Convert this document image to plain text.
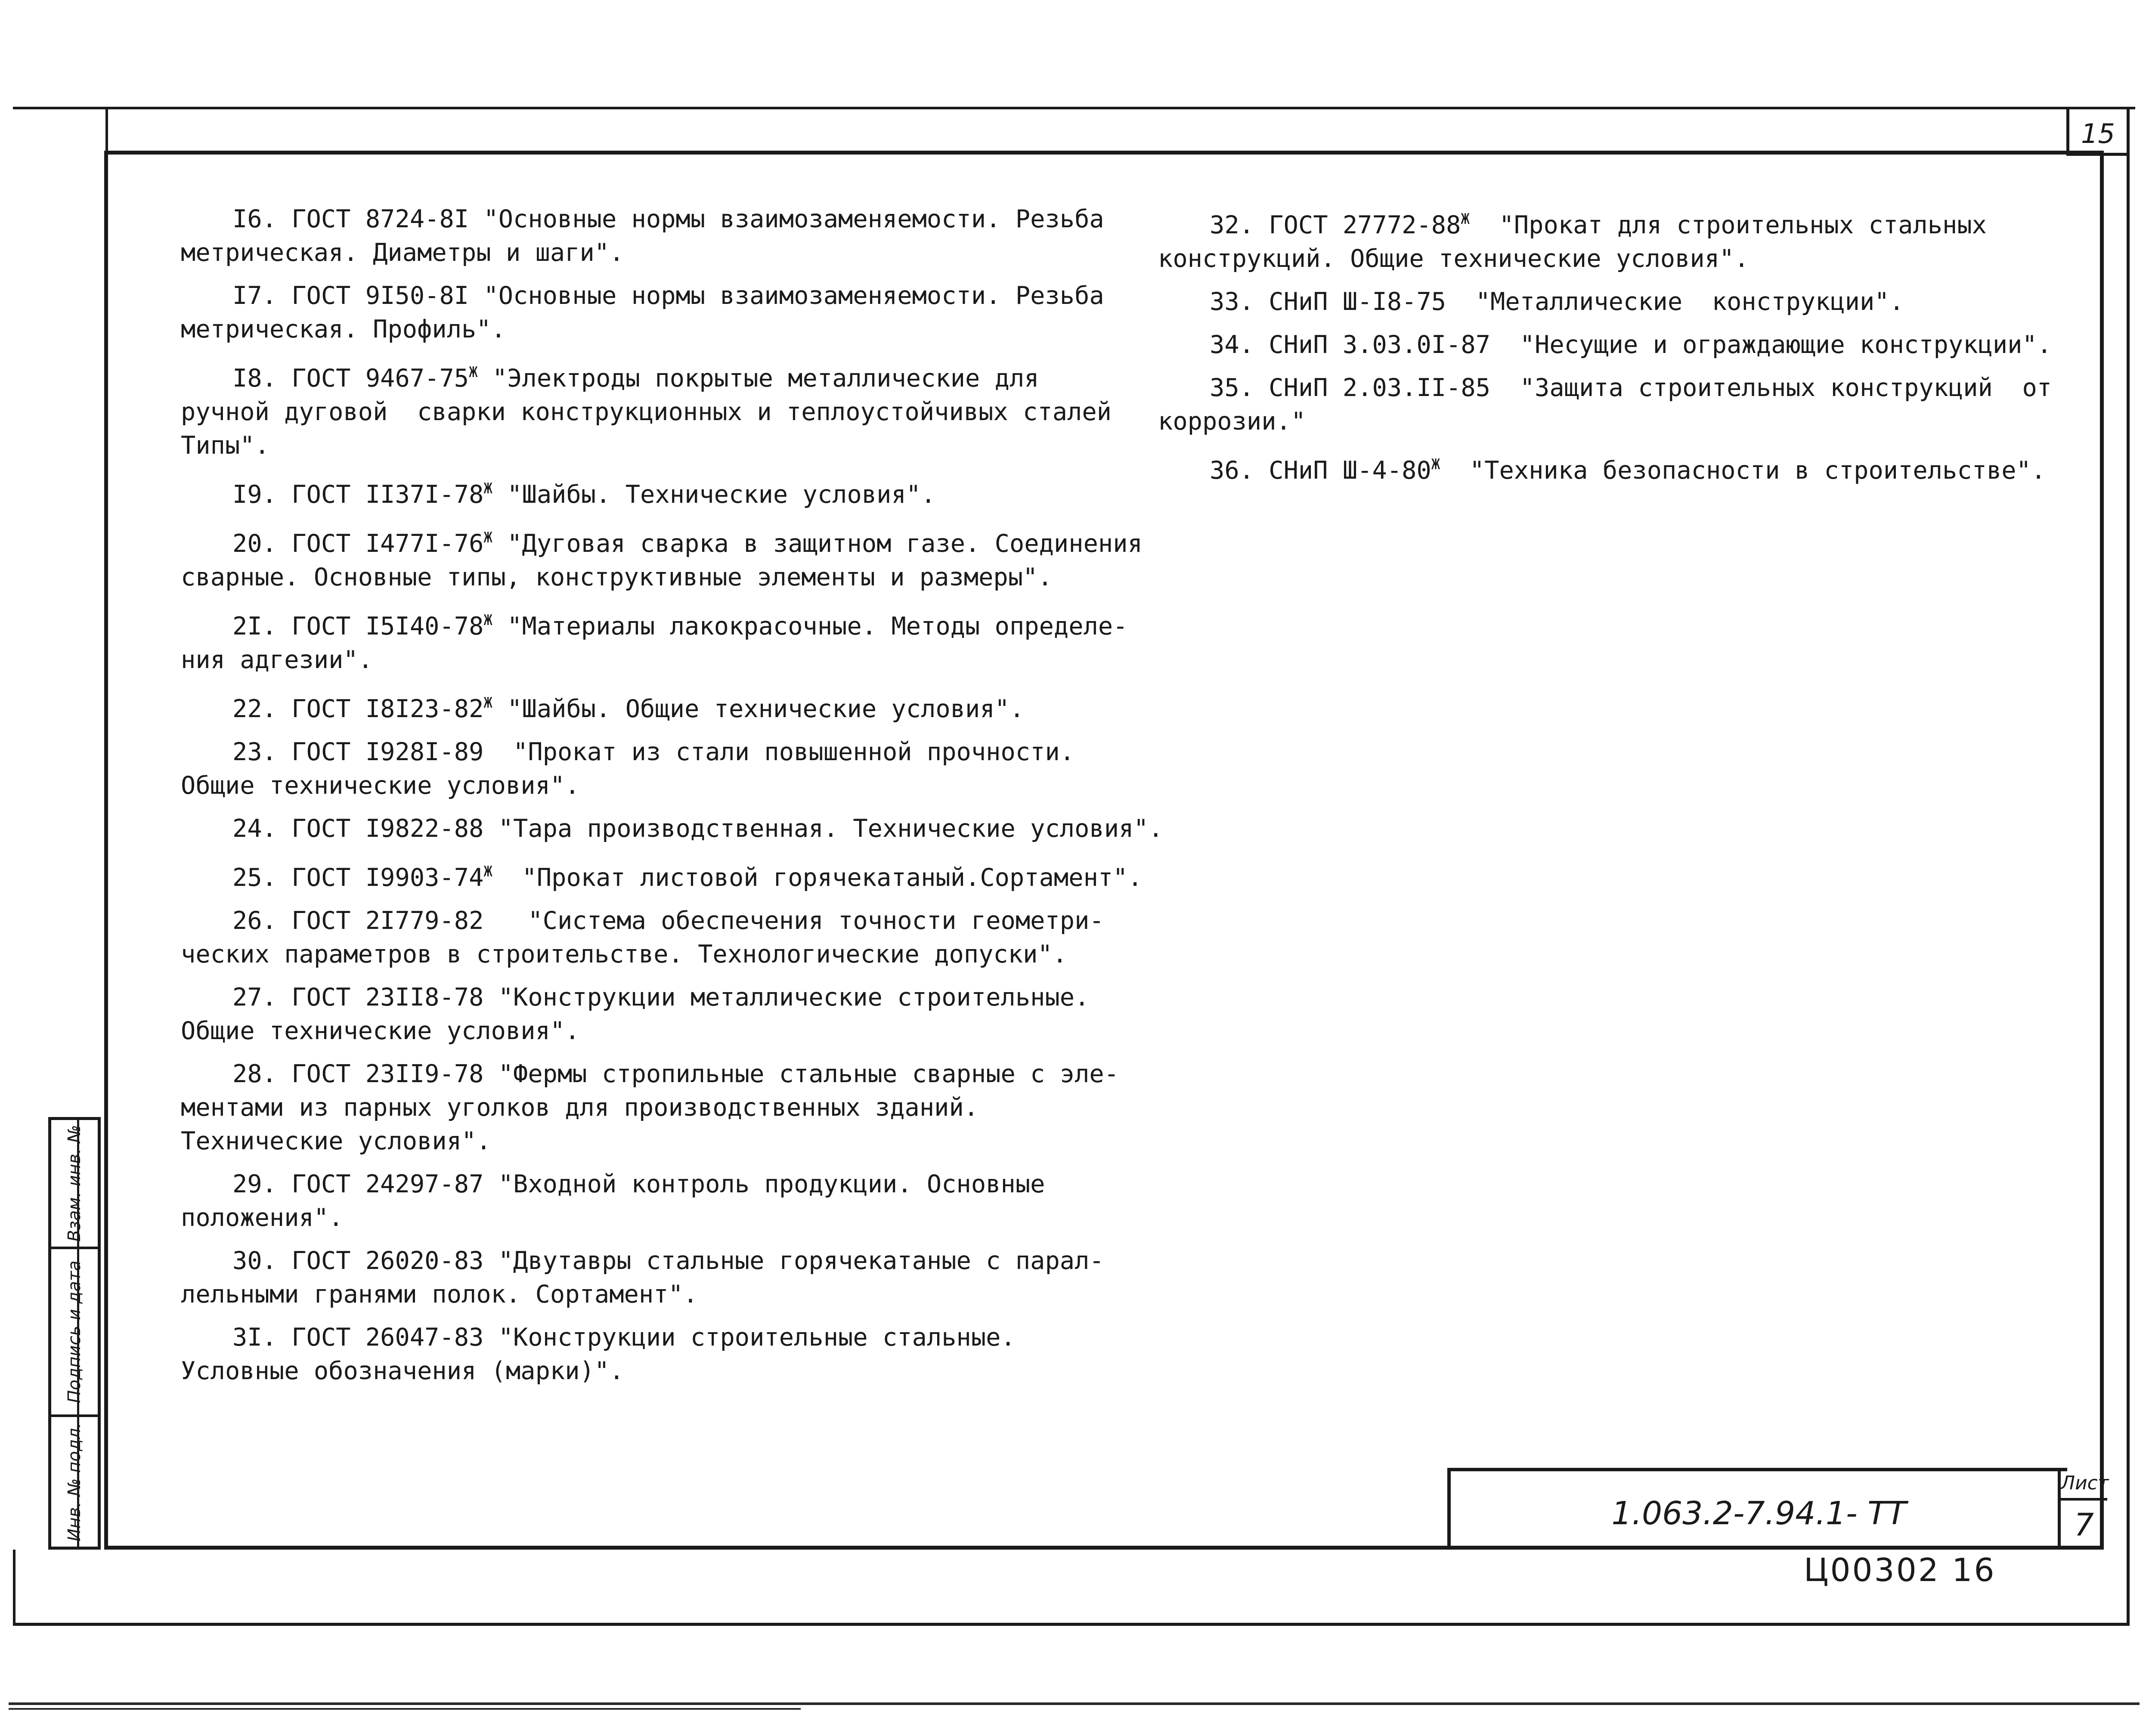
15

I6. ГОСТ 8724-8I "Основные нормы взаимозаменяемости. Резьба

метрическая. Диаметры и шаги".

I7. ГОСТ 9I50-8I "Основные нормы взаимозаменяемости. Резьба

метрическая. Профиль".

I8. ГОСТ $9467-75^Ж$ "Электроды покрытые металлические для

ручной дуговой  сварки конструкционных и теплоустойчивых сталей

Типы".

I9. ГОСТ $II37I-78^Ж$ "Шайбы. Технические условия".

20. ГОСТ $I477I-76^Ж$ "Дуговая сварка в защитном газе. Соединения

сварные. Основные типы, конструктивные элементы и размеры".

2I. ГОСТ $I5I40-78^Ж$ "Материалы лакокрасочные. Методы определе-

ния адгезии".

22. ГОСТ $I8I23-82^Ж$ "Шайбы. Общие технические условия".

23. ГОСТ I928I-89  "Прокат из стали повышенной прочности.

Общие технические условия".

24. ГОСТ I9822-88 "Тара производственная. Технические условия".

25. ГОСТ $I9903-74^Ж$  "Прокат листовой горячекатаный.Сортамент".

26. ГОСТ 2I779-82   "Система обеспечения точности геометри-

ческих параметров в строительстве. Технологические допуски".

27. ГОСТ 23II8-78 "Конструкции металлические строительные.

Общие технические условия".

28. ГОСТ 23II9-78 "Фермы стропильные стальные сварные с эле-

ментами из парных уголков для производственных зданий.

Технические условия".

29. ГОСТ 24297-87 "Входной контроль продукции. Основные

положения".

30. ГОСТ 26020-83 "Двутавры стальные горячекатаные с парал-

лельными гранями полок. Сортамент".

3I. ГОСТ 26047-83 "Конструкции строительные стальные.

Условные обозначения (марки)".

32. ГОСТ $27772-88^Ж$  "Прокат для строительных стальных

конструкций. Общие технические условия".

33. СНиП Ш-I8-75  "Металлические  конструкции".

34. СНиП 3.03.0I-87  "Несущие и ограждающие конструкции".

35. СНиП 2.03.II-85  "Защита строительных конструкций  от

коррозии."

36. СНиП $Ш-4-80^Ж$  "Техника безопасности в строительстве".

Взам. инв. №
Подпись и дата
Инв. № подл.	1.063.2-7.94.1- ТТ
Лист
7
Ц00302 16
